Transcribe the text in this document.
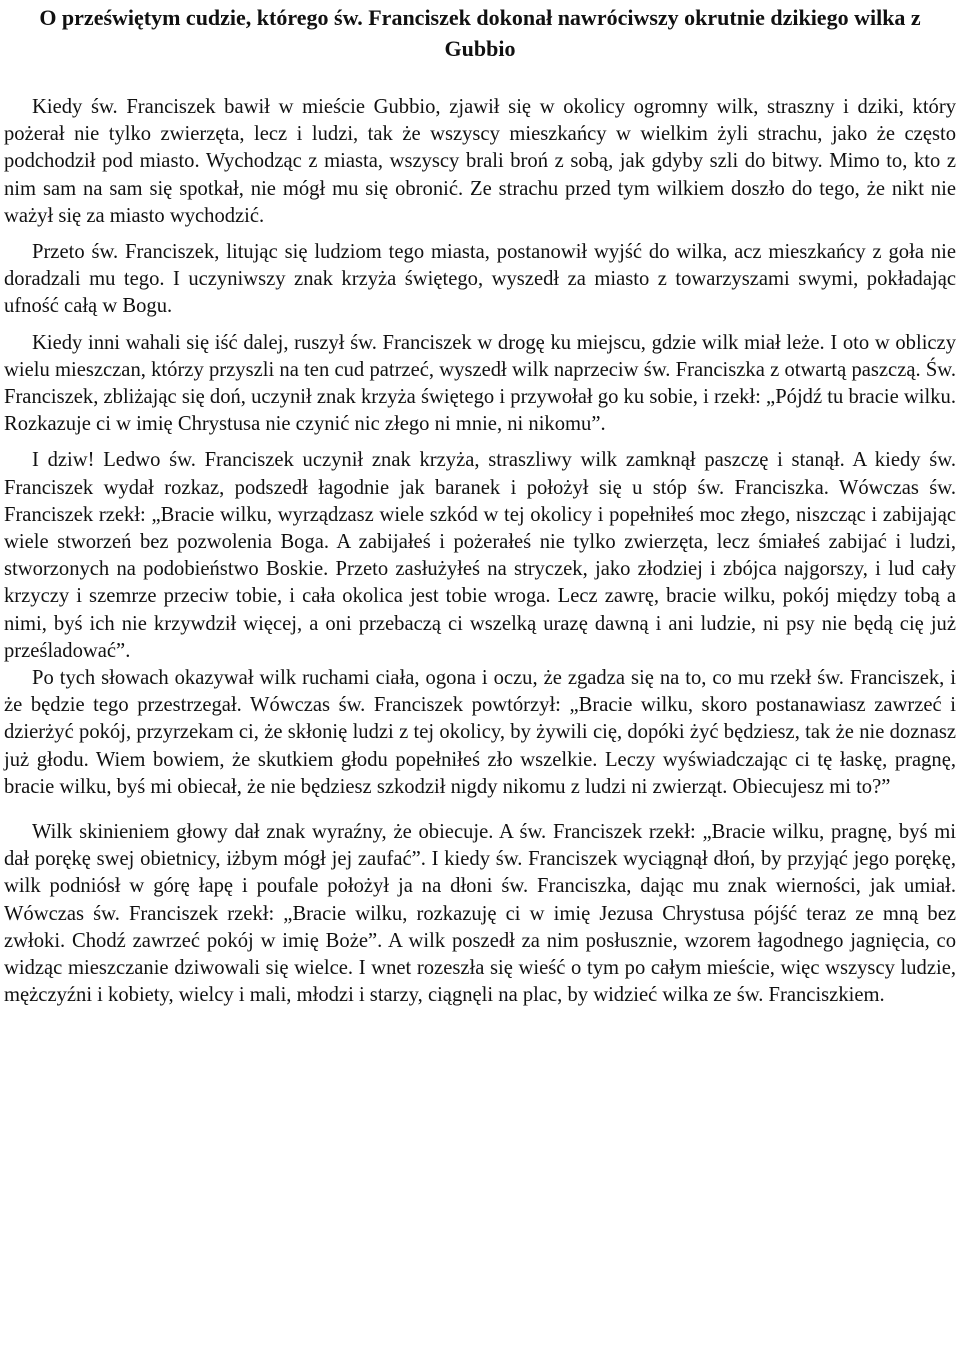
O przeświętym cudzie, którego św. Franciszek dokonał nawróciwszy okrutnie dzikiego wilka z Gubbio

Kiedy św. Franciszek bawił w mieście Gubbio, zjawił się w okolicy ogromny wilk, straszny i dziki, który pożerał nie tylko zwierzęta, lecz i ludzi, tak że wszyscy mieszkańcy w wielkim żyli strachu, jako że często podchodził pod miasto. Wychodząc z miasta, wszyscy brali broń z sobą, jak gdyby szli do bitwy. Mimo to, kto z nim sam na sam się spotkał, nie mógł mu się obronić. Ze strachu przed tym wilkiem doszło do tego, że nikt nie ważył się za miasto wychodzić.

Przeto św. Franciszek, litując się ludziom tego miasta, postanowił wyjść do wilka, acz mieszkańcy z goła nie doradzali mu tego. I uczyniwszy znak krzyża świętego, wyszedł za miasto z towarzyszami swymi, pokładając ufność całą w Bogu.

Kiedy inni wahali się iść dalej, ruszył św. Franciszek w drogę ku miejscu, gdzie wilk miał leże. I oto w obliczy wielu mieszczan, którzy przyszli na ten cud patrzeć, wyszedł wilk naprzeciw św. Franciszka z otwartą paszczą. Św. Franciszek, zbliżając się doń, uczynił znak krzyża świętego i przywołał go ku sobie, i rzekł: „Pójdź tu bracie wilku. Rozkazuje ci w imię Chrystusa nie czynić nic złego ni mnie, ni nikomu”.

I dziw! Ledwo św. Franciszek uczynił znak krzyża, straszliwy wilk zamknął paszczę i stanął. A kiedy św. Franciszek wydał rozkaz, podszedł łagodnie jak baranek i położył się u stóp św. Franciszka. Wówczas św. Franciszek rzekł: „Bracie wilku, wyrządzasz wiele szkód w tej okolicy i popełniłeś moc złego, niszcząc i zabijając wiele stworzeń bez pozwolenia Boga. A zabijałeś i pożerałeś nie tylko zwierzęta, lecz śmiałeś zabijać i ludzi, stworzonych na podobieństwo Boskie. Przeto zasłużyłeś na stryczek, jako złodziej i zbójca najgorszy, i lud cały krzyczy i szemrze przeciw tobie, i cała okolica jest tobie wroga. Lecz zawrę, bracie wilku, pokój między tobą a nimi, byś ich nie krzywdził więcej, a oni przebaczą ci wszelką urazę dawną i ani ludzie, ni psy nie będą cię już prześladować”.

Po tych słowach okazywał wilk ruchami ciała, ogona i oczu, że zgadza się na to, co mu rzekł św. Franciszek, i że będzie tego przestrzegał. Wówczas św. Franciszek powtórzył: „Bracie wilku, skoro postanawiasz zawrzeć i dzierżyć pokój, przyrzekam ci, że skłonię ludzi z tej okolicy, by żywili cię, dopóki żyć będziesz, tak że nie doznasz już głodu. Wiem bowiem, że skutkiem głodu popełniłeś zło wszelkie. Leczy wyświadczając ci tę łaskę, pragnę, bracie wilku, byś mi obiecał, że nie będziesz szkodził nigdy nikomu z ludzi ni zwierząt. Obiecujesz mi to?”

Wilk skinieniem głowy dał znak wyraźny, że obiecuje. A św. Franciszek rzekł: „Bracie wilku, pragnę, byś mi dał porękę swej obietnicy, iżbym mógł jej zaufać”. I kiedy św. Franciszek wyciągnął dłoń, by przyjąć jego porękę, wilk podniósł w górę łapę i poufale położył ja na dłoni św. Franciszka, dając mu znak wierności, jak umiał. Wówczas św. Franciszek rzekł: „Bracie wilku, rozkazuję ci w imię Jezusa Chrystusa pójść teraz ze mną bez zwłoki. Chodź zawrzeć pokój w imię Boże”. A wilk poszedł za nim posłusznie, wzorem łagodnego jagnięcia, co widząc mieszczanie dziwowali się wielce. I wnet rozeszła się wieść o tym po całym mieście, więc wszyscy ludzie, mężczyźni i kobiety, wielcy i mali, młodzi i starzy, ciągnęli na plac, by widzieć wilka ze św. Franciszkiem.
